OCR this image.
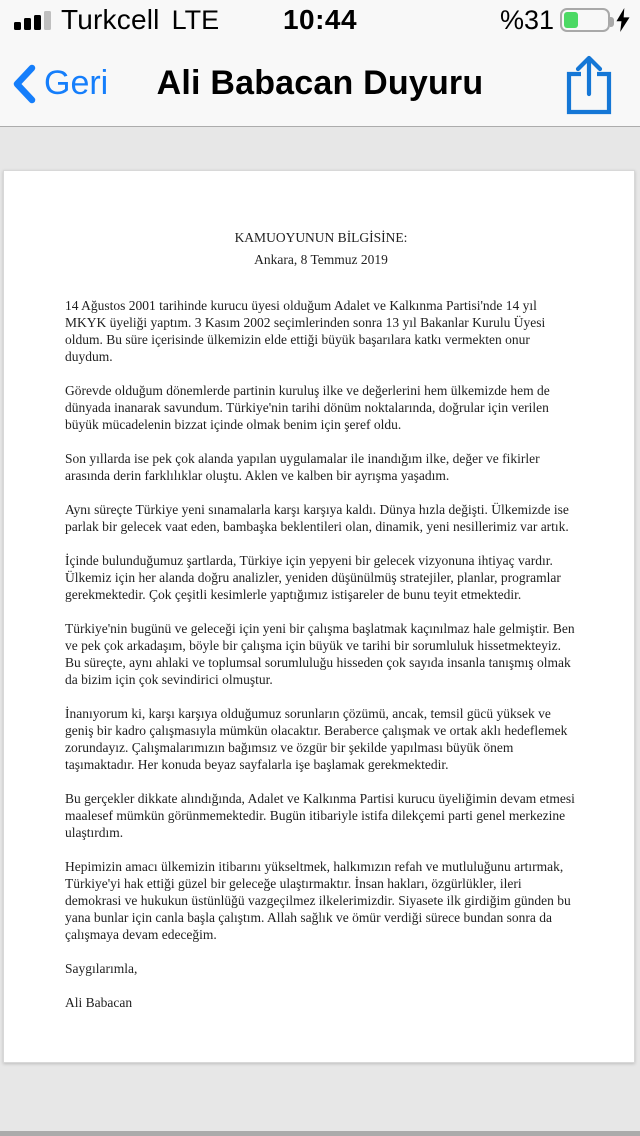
Turkcell LTE 10:44	%31
Geri	Ali Babacan Duyuru

KAMUOYUNUN BİLGİSİNE:

Ankara, 8 Temmuz 2019

14 Ağustos 2001 tarihinde kurucu üyesi olduğum Adalet ve Kalkınma Partisi'nde 14 yıl MKYK üyeliği yaptım. 3 Kasım 2002 seçimlerinden sonra 13 yıl Bakanlar Kurulu Üyesi oldum. Bu süre içerisinde ülkemizin elde ettiği büyük başarılara katkı vermekten onur duydum.

Görevde olduğum dönemlerde partinin kuruluş ilke ve değerlerini hem ülkemizde hem de dünyada inanarak savundum. Türkiye'nin tarihi dönüm noktalarında, doğrular için verilen büyük mücadelenin bizzat içinde olmak benim için şeref oldu.

Son yıllarda ise pek çok alanda yapılan uygulamalar ile inandığım ilke, değer ve fikirler arasında derin farklılıklar oluştu. Aklen ve kalben bir ayrışma yaşadım.

Aynı süreçte Türkiye yeni sınamalarla karşı karşıya kaldı. Dünya hızla değişti. Ülkemizde ise parlak bir gelecek vaat eden, bambaşka beklentileri olan, dinamik, yeni nesillerimiz var artık.

İçinde bulunduğumuz şartlarda, Türkiye için yepyeni bir gelecek vizyonuna ihtiyaç vardır. Ülkemiz için her alanda doğru analizler, yeniden düşünülmüş stratejiler, planlar, programlar gerekmektedir. Çok çeşitli kesimlerle yaptığımız istişareler de bunu teyit etmektedir.

Türkiye'nin bugünü ve geleceği için yeni bir çalışma başlatmak kaçınılmaz hale gelmiştir. Ben ve pek çok arkadaşım, böyle bir çalışma için büyük ve tarihi bir sorumluluk hissetmekteyiz. Bu süreçte, aynı ahlaki ve toplumsal sorumluluğu hisseden çok sayıda insanla tanışmış olmak da bizim için çok sevindirici olmuştur.

İnanıyorum ki, karşı karşıya olduğumuz sorunların çözümü, ancak, temsil gücü yüksek ve geniş bir kadro çalışmasıyla mümkün olacaktır. Beraberce çalışmak ve ortak aklı hedeflemek zorundayız. Çalışmalarımızın bağımsız ve özgür bir şekilde yapılması büyük önem taşımaktadır. Her konuda beyaz sayfalarla işe başlamak gerekmektedir.

Bu gerçekler dikkate alındığında, Adalet ve Kalkınma Partisi kurucu üyeliğimin devam etmesi maalesef mümkün görünmemektedir. Bugün itibariyle istifa dilekçemi parti genel merkezine ulaştırdım.

Hepimizin amacı ülkemizin itibarını yükseltmek, halkımızın refah ve mutluluğunu artırmak, Türkiye'yi hak ettiği güzel bir geleceğe ulaştırmaktır. İnsan hakları, özgürlükler, ileri demokrasi ve hukukun üstünlüğü vazgeçilmez ilkelerimizdir. Siyasete ilk girdiğim günden bu yana bunlar için canla başla çalıştım. Allah sağlık ve ömür verdiği sürece bundan sonra da çalışmaya devam edeceğim.

Saygılarımla,

Ali Babacan
